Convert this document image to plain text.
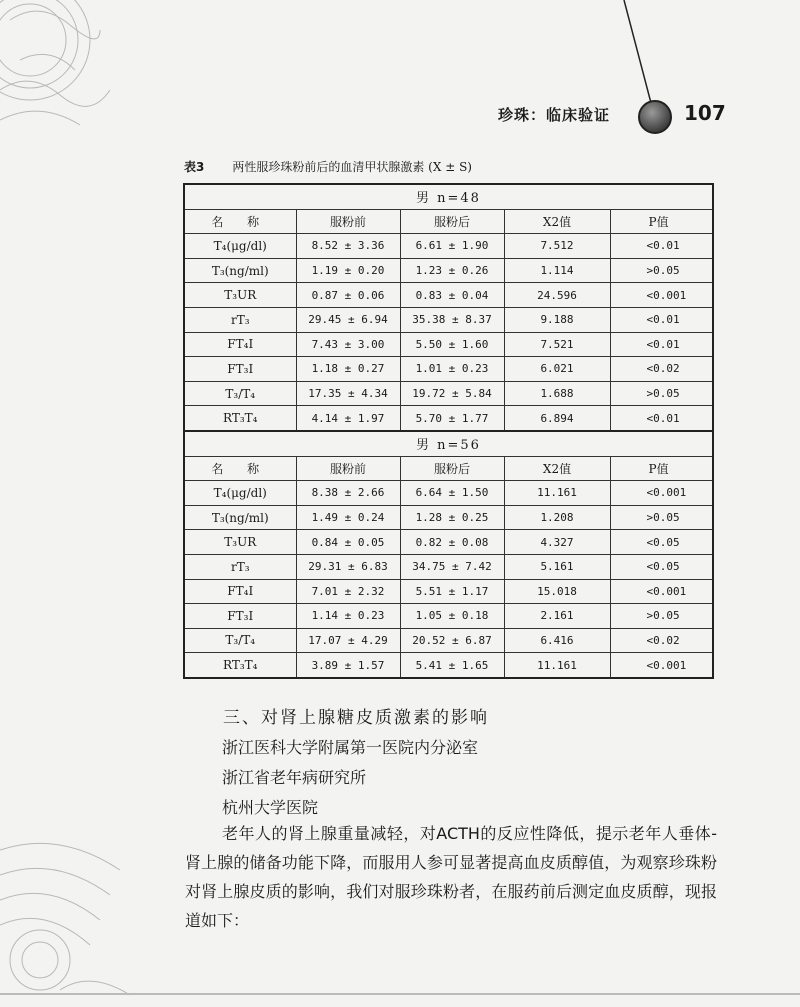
珍珠：临床验证	107
表3 两性服珍珠粉前后的血清甲状腺激素 (X ± S)
男 n=48				
名 称	服粉前	服粉后	X2值	P值
T₄(μg/dl)	8.52 ± 3.36	6.61 ± 1.90	7.512	<0.01
T₃(ng/ml)	1.19 ± 0.20	1.23 ± 0.26	1.114	>0.05
T₃UR	0.87 ± 0.06	0.83 ± 0.04	24.596	<0.001
rT₃	29.45 ± 6.94	35.38 ± 8.37	9.188	<0.01
FT₄I	7.43 ± 3.00	5.50 ± 1.60	7.521	<0.01
FT₃I	1.18 ± 0.27	1.01 ± 0.23	6.021	<0.02
T₃/T₄	17.35 ± 4.34	19.72 ± 5.84	1.688	>0.05
RT₃T₄	4.14 ± 1.97	5.70 ± 1.77	6.894	<0.01
男 n=56				
名 称	服粉前	服粉后	X2值	P值
T₄(μg/dl)	8.38 ± 2.66	6.64 ± 1.50	11.161	<0.001
T₃(ng/ml)	1.49 ± 0.24	1.28 ± 0.25	1.208	>0.05
T₃UR	0.84 ± 0.05	0.82 ± 0.08	4.327	<0.05
rT₃	29.31 ± 6.83	34.75 ± 7.42	5.161	<0.05
FT₄I	7.01 ± 2.32	5.51 ± 1.17	15.018	<0.001
FT₃I	1.14 ± 0.23	1.05 ± 0.18	2.161	>0.05
T₃/T₄	17.07 ± 4.29	20.52 ± 6.87	6.416	<0.02
RT₃T₄	3.89 ± 1.57	5.41 ± 1.65	11.161	<0.001
三、对肾上腺糖皮质激素的影响
浙江医科大学附属第一医院内分泌室
浙江省老年病研究所
杭州大学医院
老年人的肾上腺重量减轻，对ACTH的反应性降低，提示老年人垂体-肾上腺的储备功能下降，而服用人参可显著提高血皮质醇值，为观察珍珠粉对肾上腺皮质的影响，我们对服珍珠粉者，在服药前后测定血皮质醇，现报道如下：
